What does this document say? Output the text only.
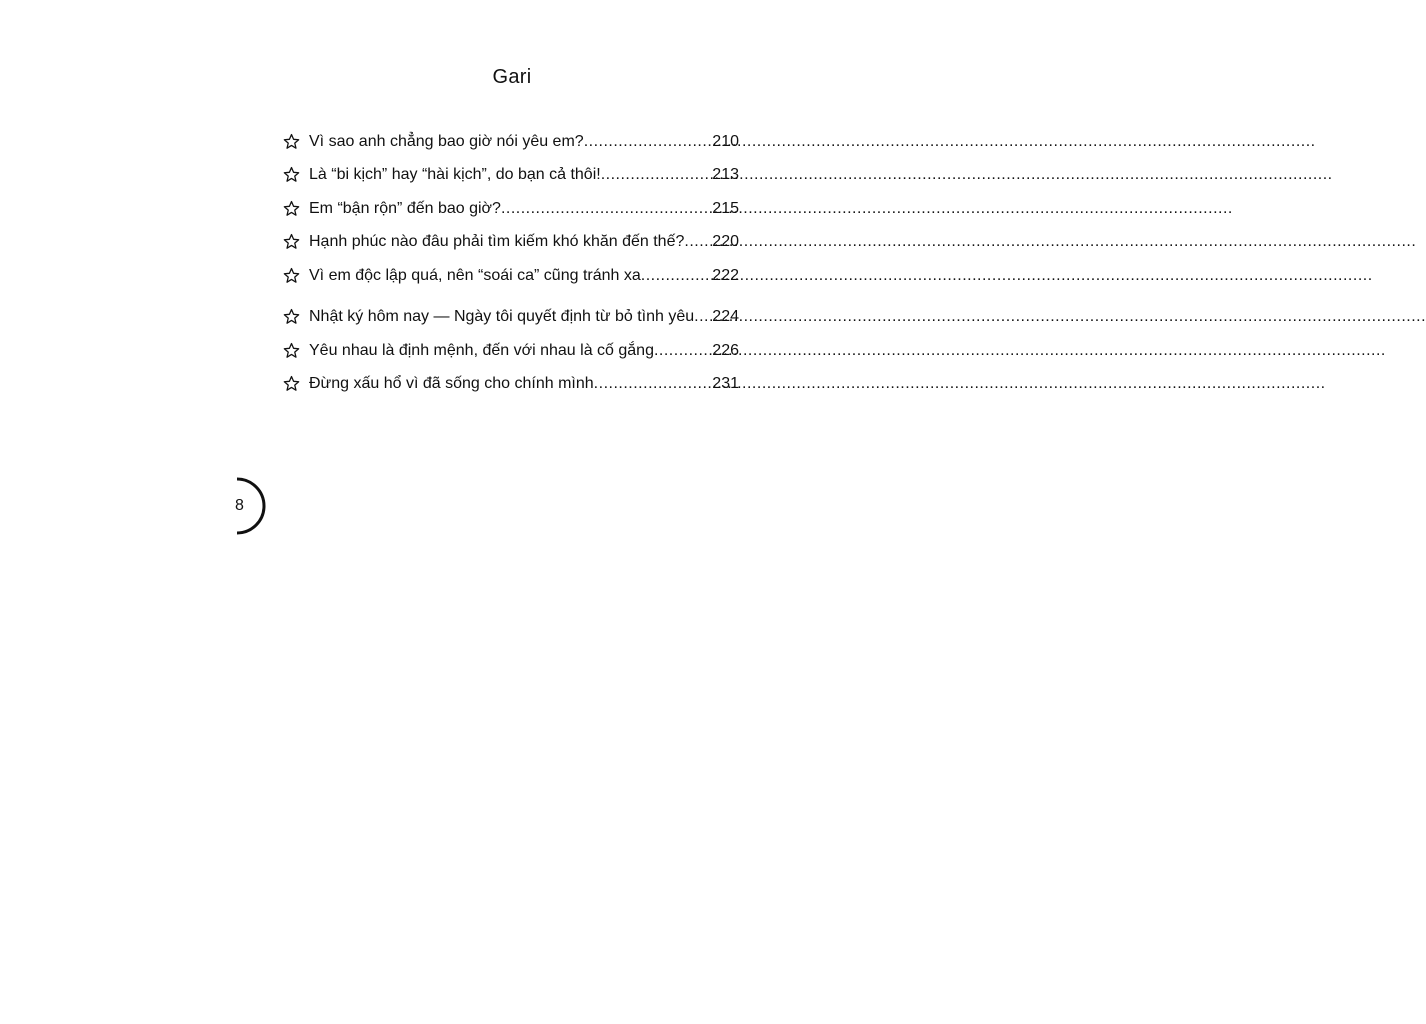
Gari
Vì sao anh chẳng bao giờ nói yêu em? .....	210
Là “bi kịch” hay “hài kịch”, do bạn cả thôi! .....	213
Em “bận rộn” đến bao giờ? .....	215
Hạnh phúc nào đâu phải tìm kiếm khó khăn đến thế? ..... 220
Vì em độc lập quá, nên “soái ca” cũng tránh xa .....	222
Nhật ký hôm nay — Ngày tôi quyết định từ bỏ tình yêu ..... 224
Yêu nhau là định mệnh, đến với nhau là cố gắng .....	226
Đừng xấu hổ vì đã sống cho chính mình .....	231
8
